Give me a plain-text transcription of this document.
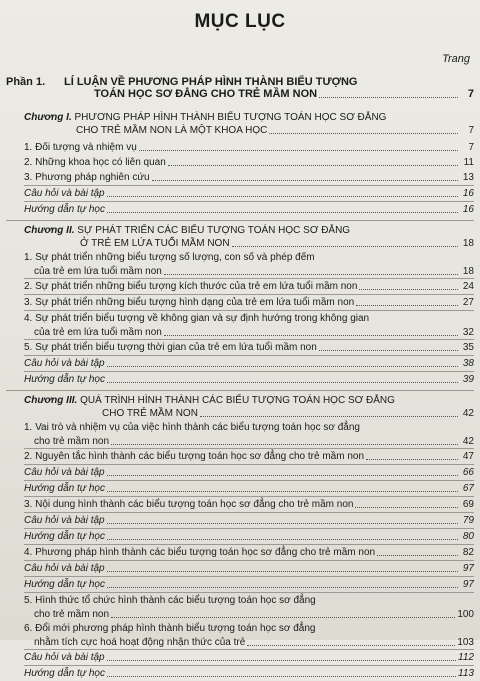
MỤC LỤC
Trang
Phần 1.	LÍ LUẬN VỀ PHƯƠNG PHÁP HÌNH THÀNH BIỂU TƯỢNG
TOÁN HỌC SƠ ĐẲNG CHO TRẺ MẦM NON	7
Chương I. PHƯƠNG PHÁP HÌNH THÀNH BIỂU TƯỢNG TOÁN HỌC SƠ ĐẲNG
CHO TRẺ MẦM NON LÀ MỘT KHOA HỌC	7
1. Đối tượng và nhiệm vụ	7
2. Những khoa học có liên quan	11
3. Phương pháp nghiên cứu	13
Câu hỏi và bài tập	16
Hướng dẫn tự học	16
Chương II. SỰ PHÁT TRIỂN CÁC BIỂU TƯỢNG TOÁN HỌC SƠ ĐẲNG
Ở TRẺ EM LỨA TUỔI MẦM NON	18
1. Sự phát triển những biểu tượng số lượng, con số và phép đếm
của trẻ em lứa tuổi mầm non	18
2. Sự phát triển những biểu tượng kích thước của trẻ em lứa tuổi mầm non	24
3. Sự phát triển những biểu tượng hình dạng của trẻ em lứa tuổi mầm non	27
4. Sự phát triển biểu tượng về không gian và sự định hướng trong không gian
của trẻ em lứa tuổi mầm non	32
5. Sự phát triển biểu tượng thời gian của trẻ em lứa tuổi mầm non	35
Câu hỏi và bài tập	38
Hướng dẫn tự học	39
Chương III. QUÁ TRÌNH HÌNH THÀNH CÁC BIỂU TƯỢNG TOÁN HỌC SƠ ĐẲNG
CHO TRẺ MẦM NON	42
1. Vai trò và nhiệm vụ của việc hình thành các biểu tượng toán học sơ đẳng
cho trẻ mầm non	42
2. Nguyên tắc hình thành các biểu tượng toán học sơ đẳng cho trẻ mầm non	47
Câu hỏi và bài tập	66
Hướng dẫn tự học	67
3. Nội dung hình thành các biểu tượng toán học sơ đẳng cho trẻ mầm non	69
Câu hỏi và bài tập	79
Hướng dẫn tự học	80
4. Phương pháp hình thành các biểu tượng toán học sơ đẳng cho trẻ mầm non	82
Câu hỏi và bài tập	97
Hướng dẫn tự học	97
5. Hình thức tổ chức hình thành các biểu tượng toán học sơ đẳng
cho trẻ mầm non	100
6. Đổi mới phương pháp hình thành biểu tượng toán học sơ đẳng
nhằm tích cực hoá hoạt động nhận thức của trẻ	103
Câu hỏi và bài tập	112
Hướng dẫn tự học	113
